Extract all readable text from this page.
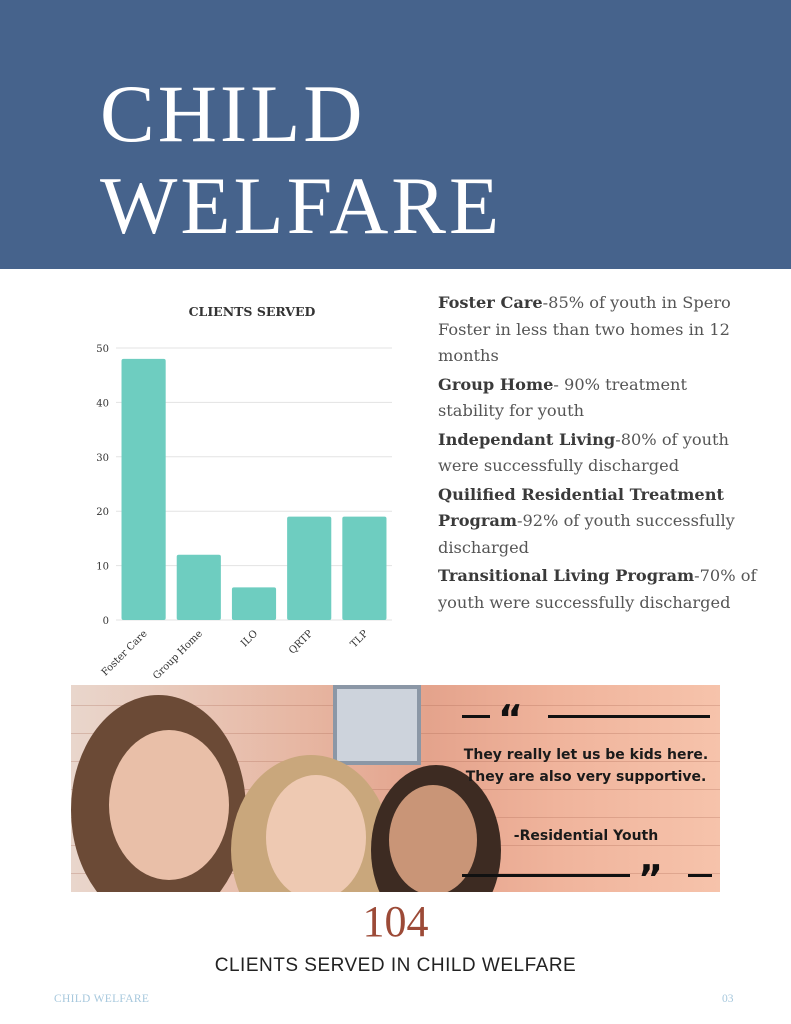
CHILD
WELFARE
CLIENTS SERVED
0
10
20
30
40
50
Foster Care Group Home	ILO	QRTP	TLP
Foster Care-85% of youth in Spero Foster in less than two homes in 12 months
Group Home- 90% treatment stability for youth
Independant Living-80% of youth were successfully discharged
Quilified Residential Treatment Program-92% of youth successfully discharged
Transitional Living Program-70% of youth were successfully discharged
“
They really let us be kids here. They are also very supportive.
-Residential Youth
”
104
CLIENTS SERVED IN CHILD WELFARE
CHILD WELFARE	03
